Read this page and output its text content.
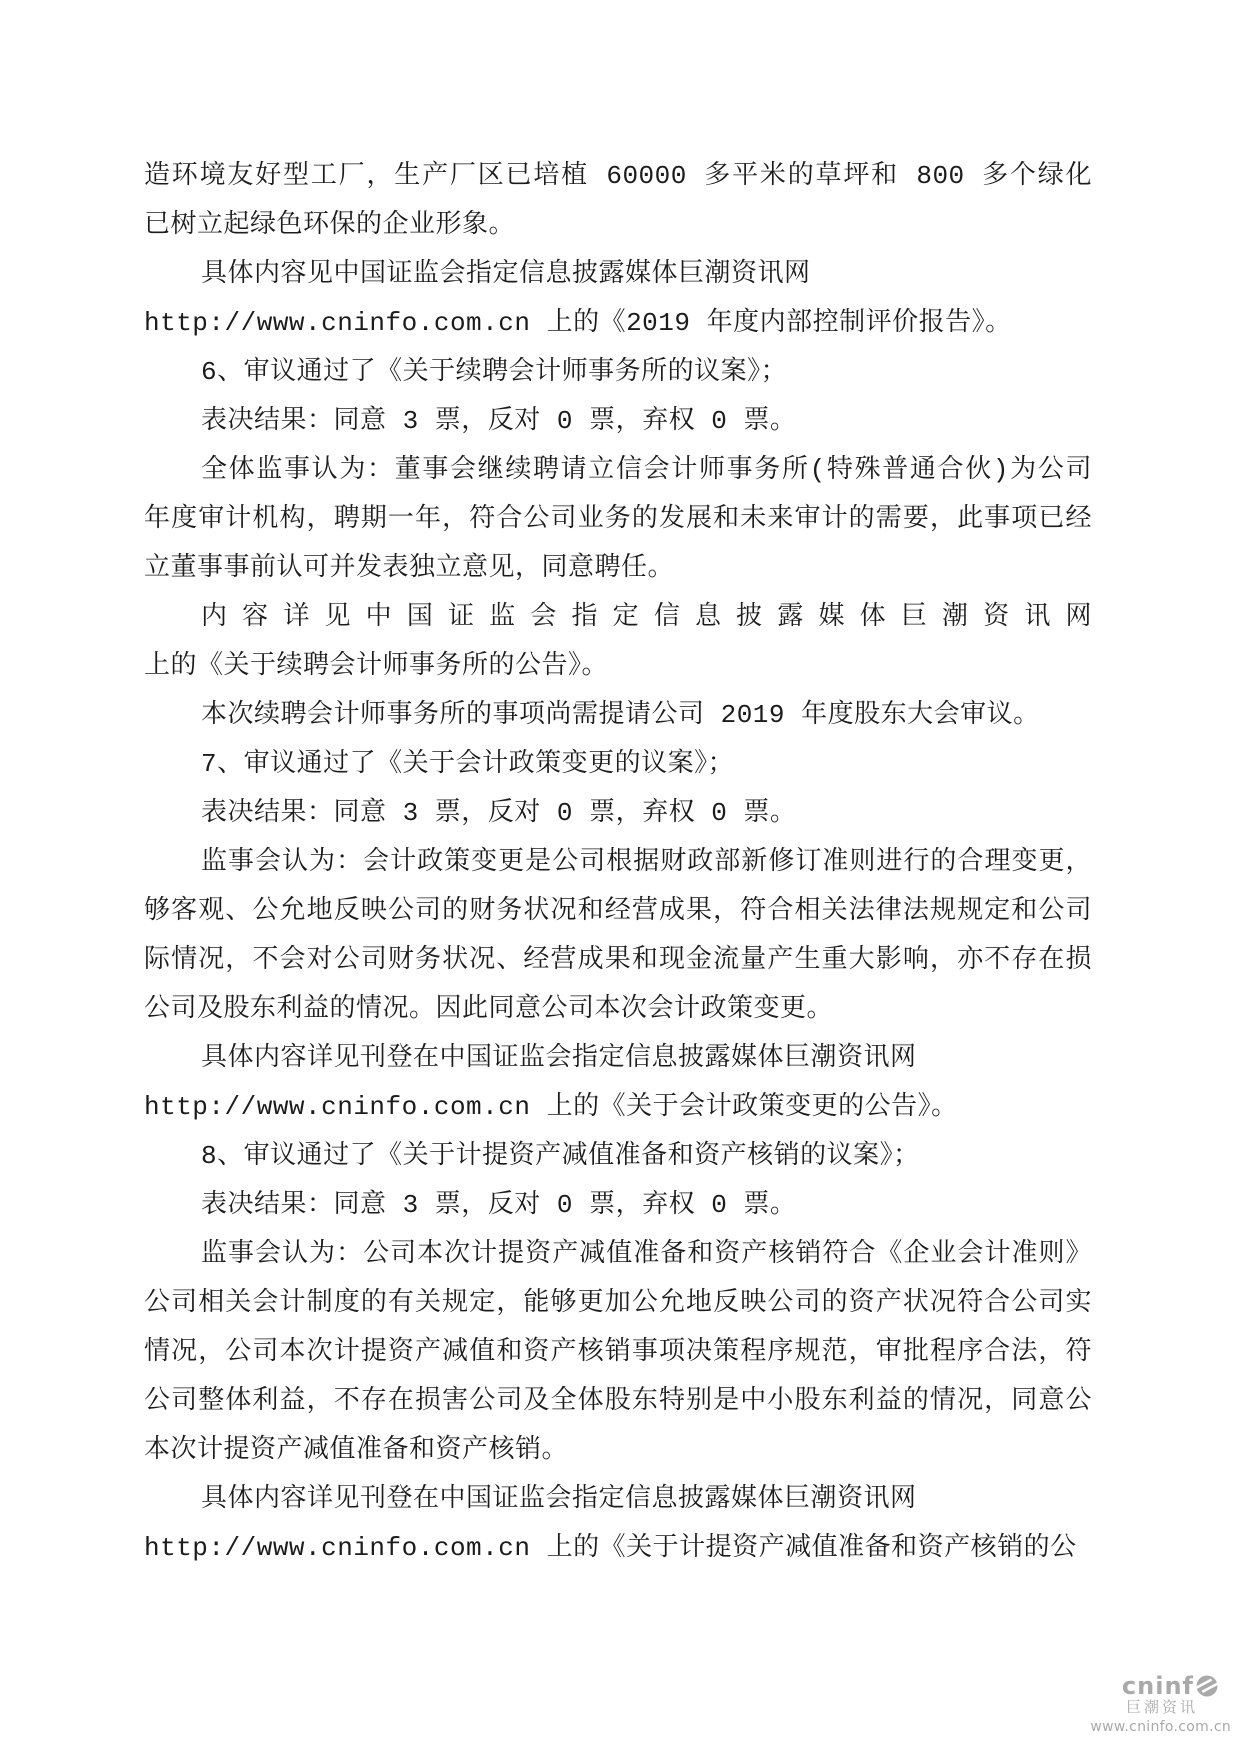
造环境友好型工厂，生产厂区已培植 60000 多平米的草坪和 800 多个绿化
已树立起绿色环保的企业形象。
具体内容见中国证监会指定信息披露媒体巨潮资讯网
http://www.cninfo.com.cn 上的《2019 年度内部控制评价报告》。
6、审议通过了《关于续聘会计师事务所的议案》；
表决结果：同意 3 票，反对 0 票，弃权 0 票。
全体监事认为：董事会继续聘请立信会计师事务所(特殊普通合伙)为公司
年度审计机构，聘期一年，符合公司业务的发展和未来审计的需要，此事项已经
立董事事前认可并发表独立意见，同意聘任。
内容详见中国证监会指定信息披露媒体巨潮资讯网
上的《关于续聘会计师事务所的公告》。
本次续聘会计师事务所的事项尚需提请公司 2019 年度股东大会审议。
7、审议通过了《关于会计政策变更的议案》；
表决结果：同意 3 票，反对 0 票，弃权 0 票。
监事会认为：会计政策变更是公司根据财政部新修订准则进行的合理变更，
够客观、公允地反映公司的财务状况和经营成果，符合相关法律法规规定和公司
际情况，不会对公司财务状况、经营成果和现金流量产生重大影响，亦不存在损
公司及股东利益的情况。因此同意公司本次会计政策变更。
具体内容详见刊登在中国证监会指定信息披露媒体巨潮资讯网
http://www.cninfo.com.cn 上的《关于会计政策变更的公告》。
8、审议通过了《关于计提资产减值准备和资产核销的议案》；
表决结果：同意 3 票，反对 0 票，弃权 0 票。
监事会认为：公司本次计提资产减值准备和资产核销符合《企业会计准则》
公司相关会计制度的有关规定，能够更加公允地反映公司的资产状况符合公司实
情况，公司本次计提资产减值和资产核销事项决策程序规范，审批程序合法，符
公司整体利益，不存在损害公司及全体股东特别是中小股东利益的情况，同意公
本次计提资产减值准备和资产核销。
具体内容详见刊登在中国证监会指定信息披露媒体巨潮资讯网
http://www.cninfo.com.cn 上的《关于计提资产减值准备和资产核销的公
cninf
巨潮资讯
www.cninfo.com.cn
